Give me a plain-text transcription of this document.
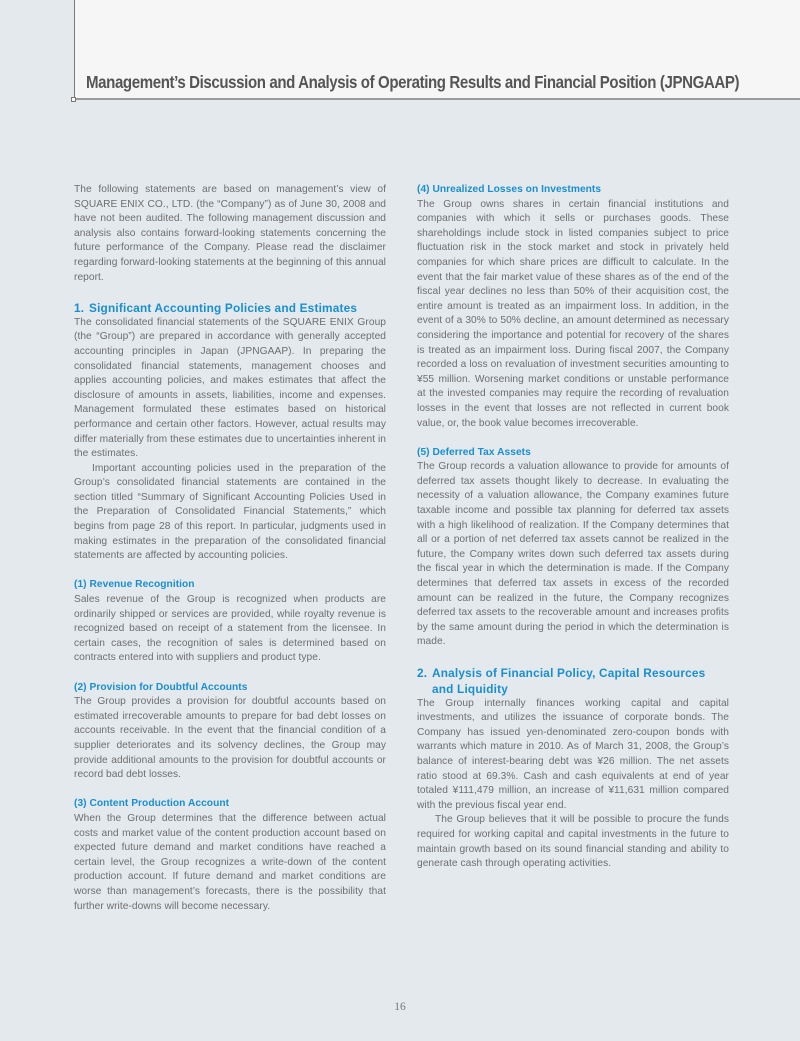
Management’s Discussion and Analysis of Operating Results and Financial Position (JPNGAAP)

The following statements are based on management’s view of SQUARE ENIX CO., LTD. (the “Company”) as of June 30, 2008 and have not been audited. The following management discussion and analysis also contains forward-looking statements concerning the future performance of the Company. Please read the disclaimer regarding forward-looking statements at the beginning of this annual report.

1. Significant Accounting Policies and Estimates

The consolidated financial statements of the SQUARE ENIX Group (the “Group”) are prepared in accordance with generally accepted accounting principles in Japan (JPNGAAP). In preparing the consolidated financial statements, management chooses and applies accounting policies, and makes estimates that affect the disclosure of amounts in assets, liabilities, income and expenses. Management formulated these estimates based on historical performance and certain other factors. However, actual results may differ materially from these estimates due to uncertainties inherent in the estimates.

Important accounting policies used in the preparation of the Group’s consolidated financial statements are contained in the section titled “Summary of Significant Accounting Policies Used in the Preparation of Consolidated Financial Statements,” which begins from page 28 of this report. In particular, judgments used in making estimates in the preparation of the consolidated financial statements are affected by accounting policies.

(1) Revenue Recognition

Sales revenue of the Group is recognized when products are ordinarily shipped or services are provided, while royalty revenue is recognized based on receipt of a statement from the licensee. In certain cases, the recognition of sales is determined based on contracts entered into with suppliers and product type.

(2) Provision for Doubtful Accounts

The Group provides a provision for doubtful accounts based on estimated irrecoverable amounts to prepare for bad debt losses on accounts receivable. In the event that the financial condition of a supplier deteriorates and its solvency declines, the Group may provide additional amounts to the provision for doubtful accounts or record bad debt losses.

(3) Content Production Account

When the Group determines that the difference between actual costs and market value of the content production account based on expected future demand and market conditions have reached a certain level, the Group recognizes a write-down of the content production account. If future demand and market conditions are worse than management’s forecasts, there is the possibility that further write-downs will become necessary.

(4) Unrealized Losses on Investments

The Group owns shares in certain financial institutions and companies with which it sells or purchases goods. These shareholdings include stock in listed companies subject to price fluctuation risk in the stock market and stock in privately held companies for which share prices are difficult to calculate. In the event that the fair market value of these shares as of the end of the fiscal year declines no less than 50% of their acquisition cost, the entire amount is treated as an impairment loss. In addition, in the event of a 30% to 50% decline, an amount determined as necessary considering the importance and potential for recovery of the shares is treated as an impairment loss. During fiscal 2007, the Company recorded a loss on revaluation of investment securities amounting to ¥55 million. Worsening market conditions or unstable performance at the invested companies may require the recording of revaluation losses in the event that losses are not reflected in current book value, or, the book value becomes irrecoverable.

(5) Deferred Tax Assets

The Group records a valuation allowance to provide for amounts of deferred tax assets thought likely to decrease. In evaluating the necessity of a valuation allowance, the Company examines future taxable income and possible tax planning for deferred tax assets with a high likelihood of realization. If the Company determines that all or a portion of net deferred tax assets cannot be realized in the future, the Company writes down such deferred tax assets during the fiscal year in which the determination is made. If the Company determines that deferred tax assets in excess of the recorded amount can be realized in the future, the Company recognizes deferred tax assets to the recoverable amount and increases profits by the same amount during the period in which the determination is made.

2. Analysis of Financial Policy, Capital Resources
and Liquidity

The Group internally finances working capital and capital investments, and utilizes the issuance of corporate bonds. The Company has issued yen-denominated zero-coupon bonds with warrants which mature in 2010. As of March 31, 2008, the Group’s balance of interest-bearing debt was ¥26 million. The net assets ratio stood at 69.3%. Cash and cash equivalents at end of year totaled ¥111,479 million, an increase of ¥11,631 million compared with the previous fiscal year end.

The Group believes that it will be possible to procure the funds required for working capital and capital investments in the future to maintain growth based on its sound financial standing and ability to generate cash through operating activities.

16
